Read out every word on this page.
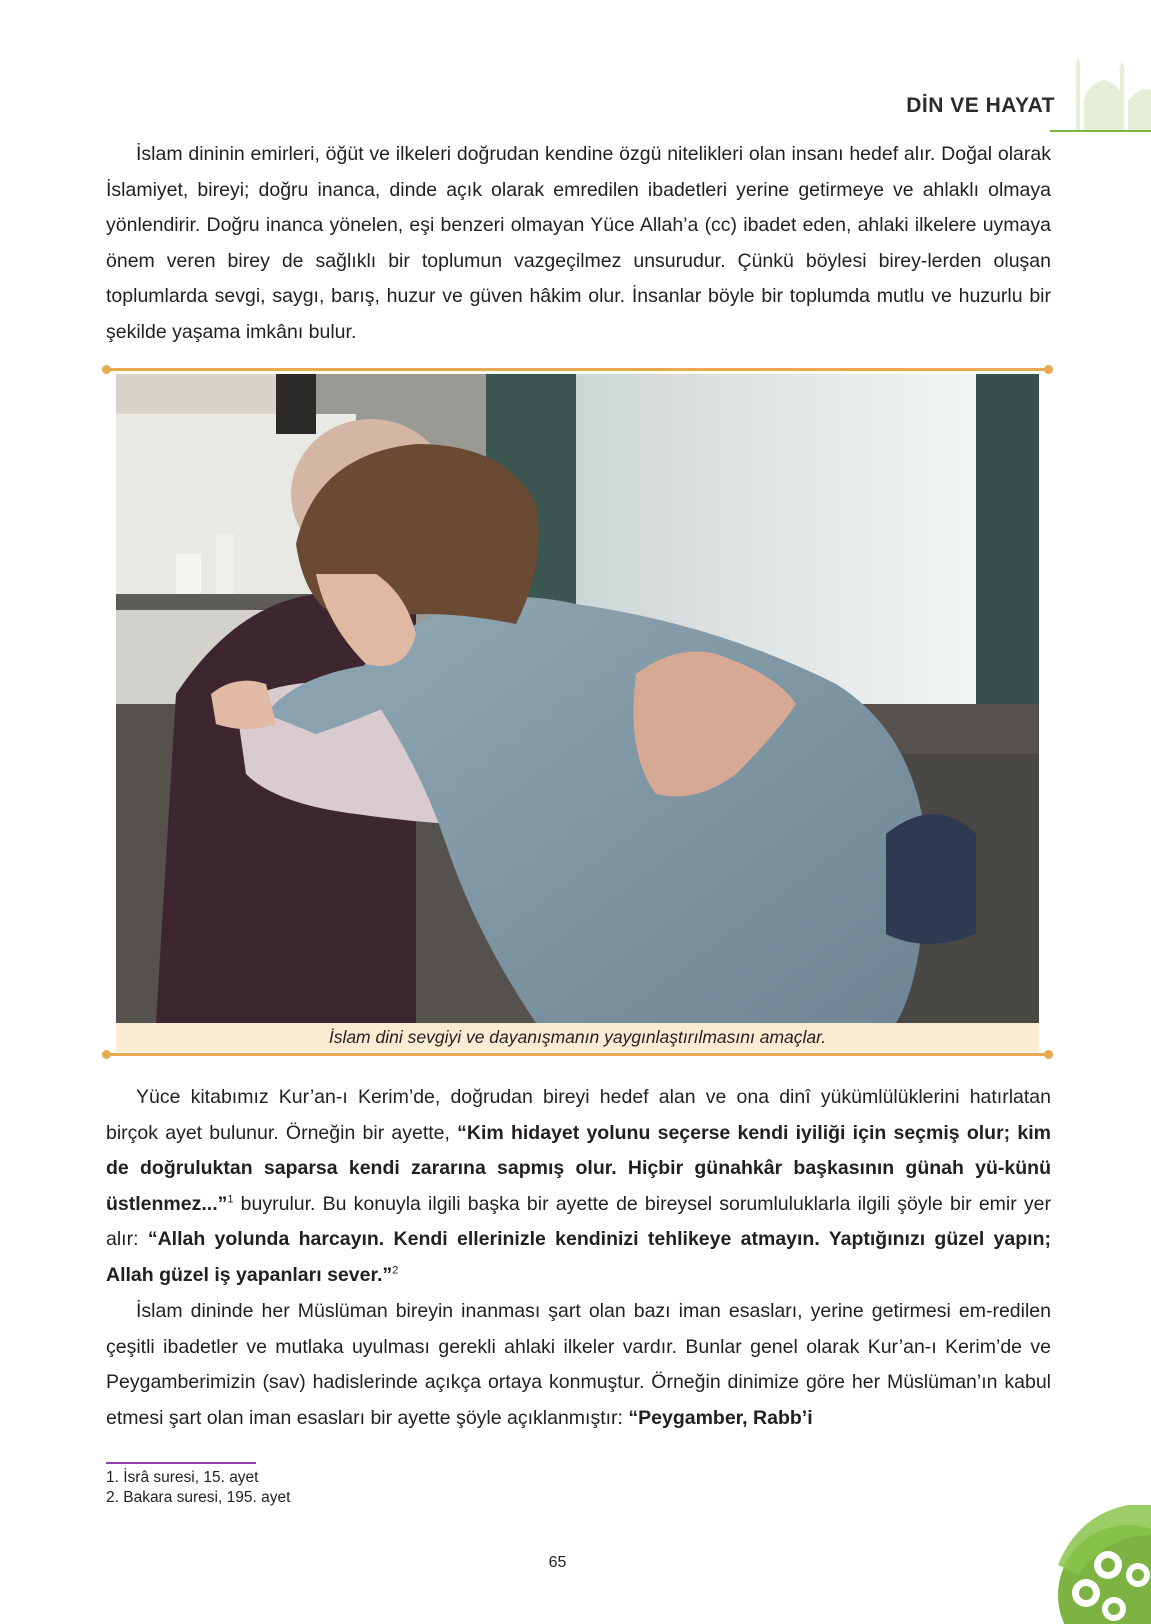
DİN VE HAYAT

İslam dininin emirleri, öğüt ve ilkeleri doğrudan kendine özgü nitelikleri olan insanı hedef alır. Doğal olarak İslamiyet, bireyi; doğru inanca, dinde açık olarak emredilen ibadetleri yerine getirmeye ve ahlaklı olmaya yönlendirir. Doğru inanca yönelen, eşi benzeri olmayan Yüce Allah’a (cc) ibadet eden, ahlaki ilkelere uymaya önem veren birey de sağlıklı bir toplumun vazgeçilmez unsurudur. Çünkü böylesi birey-lerden oluşan toplumlarda sevgi, saygı, barış, huzur ve güven hâkim olur. İnsanlar böyle bir toplumda mutlu ve huzurlu bir şekilde yaşama imkânı bulur.

İslam dini sevgiyi ve dayanışmanın yaygınlaştırılmasını amaçlar.

Yüce kitabımız Kur’an-ı Kerim’de, doğrudan bireyi hedef alan ve ona dinî yükümlülüklerini hatırlatan birçok ayet bulunur. Örneğin bir ayette, “Kim hidayet yolunu seçerse kendi iyiliği için seçmiş olur; kim de doğruluktan saparsa kendi zararına sapmış olur. Hiçbir günahkâr başkasının günah yü-künü üstlenmez...”$^1$ buyrulur. Bu konuyla ilgili başka bir ayette de bireysel sorumluluklarla ilgili şöyle bir emir yer alır: “Allah yolunda harcayın. Kendi ellerinizle kendinizi tehlikeye atmayın. Yaptığınızı güzel yapın; Allah güzel iş yapanları sever.”$^2$

İslam dininde her Müslüman bireyin inanması şart olan bazı iman esasları, yerine getirmesi em-redilen çeşitli ibadetler ve mutlaka uyulması gerekli ahlaki ilkeler vardır. Bunlar genel olarak Kur’an-ı Kerim’de ve Peygamberimizin (sav) hadislerinde açıkça ortaya konmuştur. Örneğin dinimize göre her Müslüman’ın kabul etmesi şart olan iman esasları bir ayette şöyle açıklanmıştır: “Peygamber, Rabb’i

1. İsrâ suresi, 15. ayet
2. Bakara suresi, 195. ayet
65
